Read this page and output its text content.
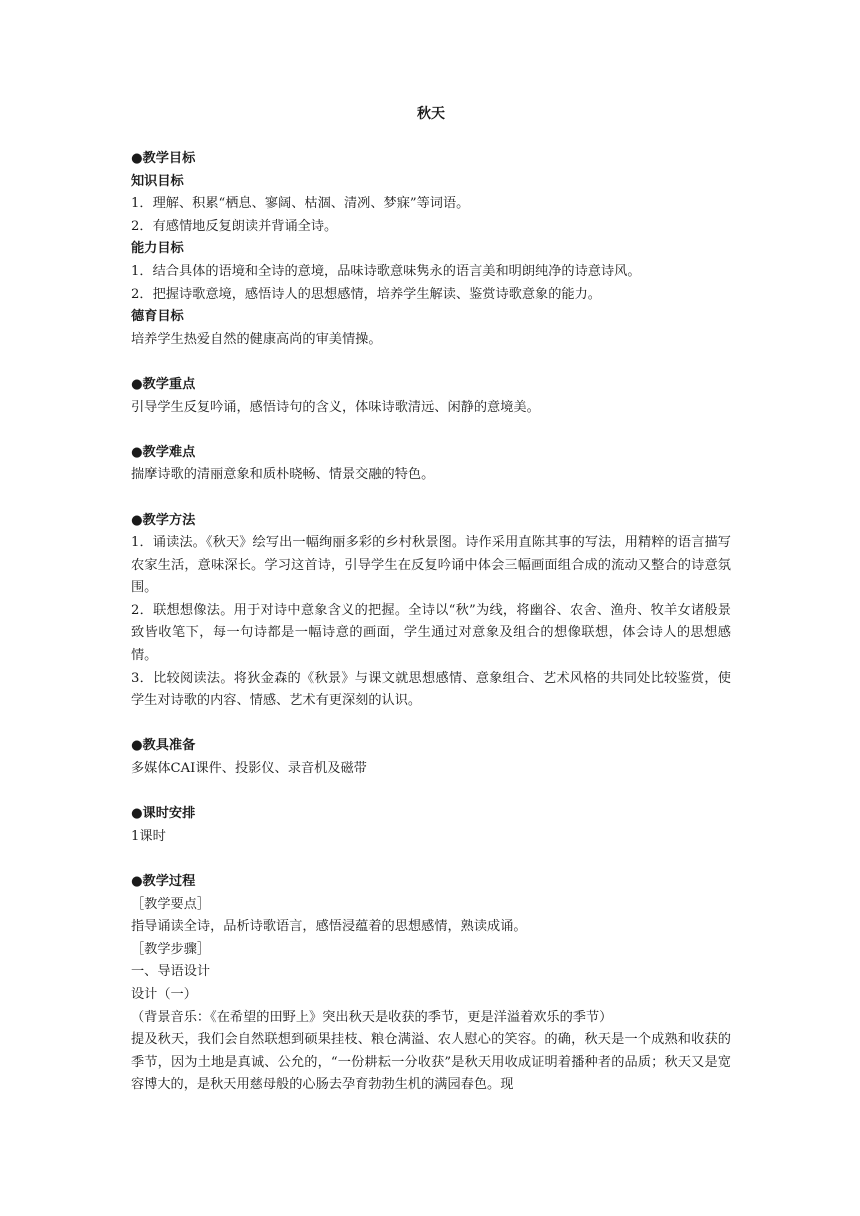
秋天
●教学目标
知识目标
1．理解、积累“栖息、寥阔、枯涸、清冽、梦寐”等词语。
2．有感情地反复朗读并背诵全诗。
能力目标
1．结合具体的语境和全诗的意境，品味诗歌意味隽永的语言美和明朗纯净的诗意诗风。
2．把握诗歌意境，感悟诗人的思想感情，培养学生解读、鉴赏诗歌意象的能力。
德育目标
培养学生热爱自然的健康高尚的审美情操。
●教学重点
引导学生反复吟诵，感悟诗句的含义，体味诗歌清远、闲静的意境美。
●教学难点
揣摩诗歌的清丽意象和质朴晓畅、情景交融的特色。
●教学方法
1．诵读法。《秋天》绘写出一幅绚丽多彩的乡村秋景图。诗作采用直陈其事的写法，用精粹的语言描写农家生活，意味深长。学习这首诗，引导学生在反复吟诵中体会三幅画面组合成的流动又整合的诗意氛围。
2．联想想像法。用于对诗中意象含义的把握。全诗以“秋”为线，将幽谷、农舍、渔舟、牧羊女诸般景致皆收笔下，每一句诗都是一幅诗意的画面，学生通过对意象及组合的想像联想，体会诗人的思想感情。
3．比较阅读法。将狄金森的《秋景》与课文就思想感情、意象组合、艺术风格的共同处比较鉴赏，使学生对诗歌的内容、情感、艺术有更深刻的认识。
●教具准备
多媒体CAI课件、投影仪、录音机及磁带
●课时安排
1课时
●教学过程
［教学要点］
指导诵读全诗，品析诗歌语言，感悟浸蕴着的思想感情，熟读成诵。
［教学步骤］
一、导语设计
设计（一）
（背景音乐：《在希望的田野上》突出秋天是收获的季节，更是洋溢着欢乐的季节）
提及秋天，我们会自然联想到硕果挂枝、粮仓满溢、农人慰心的笑容。的确，秋天是一个成熟和收获的季节，因为土地是真诚、公允的，“一份耕耘一分收获”是秋天用收成证明着播种者的品质；秋天又是宽容博大的，是秋天用慈母般的心肠去孕育勃勃生机的满园春色。现
